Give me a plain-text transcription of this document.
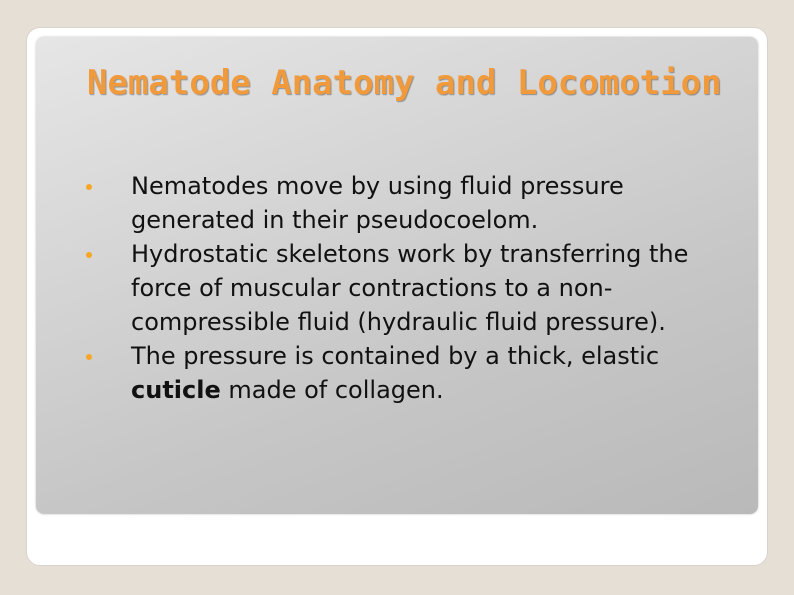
Nematode Anatomy and Locomotion
Nematodes move by using fluid pressure generated in their pseudocoelom.
Hydrostatic skeletons work by transferring the force of muscular contractions to a non-compressible fluid (hydraulic fluid pressure).
The pressure is contained by a thick, elastic cuticle made of collagen.
